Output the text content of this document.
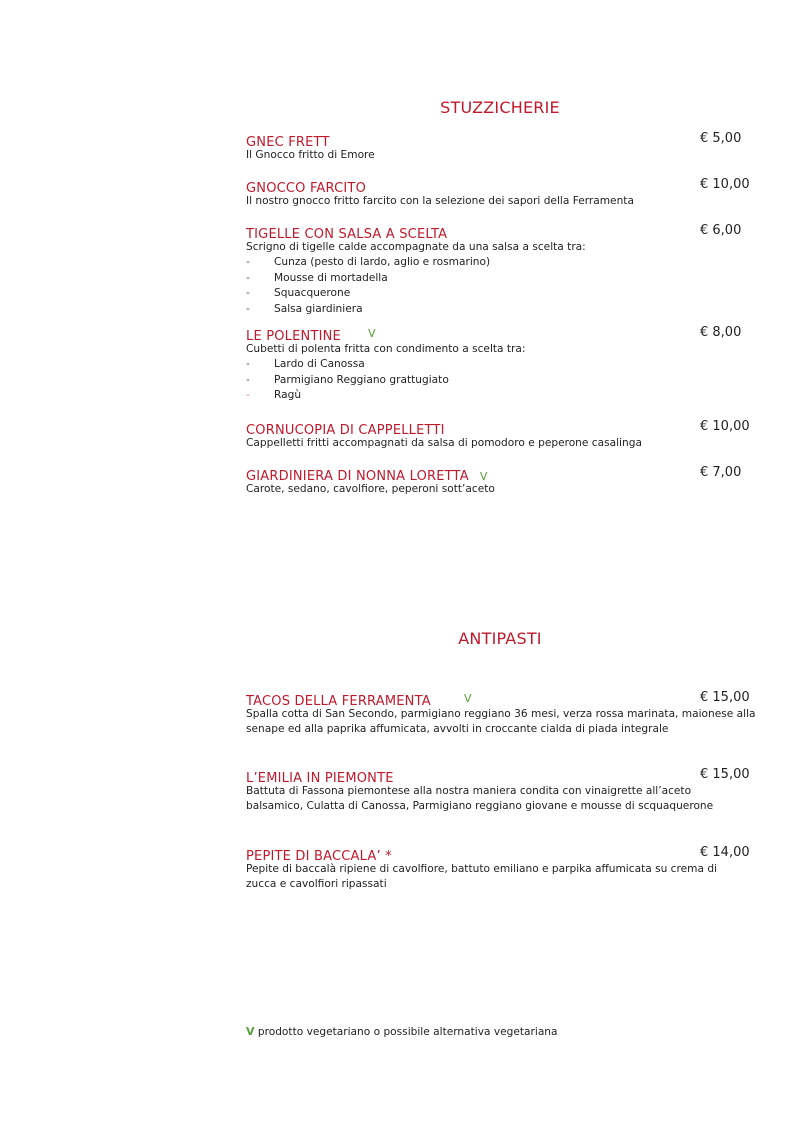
STUZZICHERIE
GNEC FRETT	€ 5,00
Il Gnocco fritto di Emore
GNOCCO FARCITO	€ 10,00
Il nostro gnocco fritto farcito con la selezione dei sapori della Ferramenta
TIGELLE CON SALSA A SCELTA	€ 6,00
Scrigno di tigelle calde accompagnate da una salsa a scelta tra:
- Cunza (pesto di lardo, aglio e rosmarino)
- Mousse di mortadella
- Squacquerone
- Salsa giardiniera
LE POLENTINE V	€ 8,00
Cubetti di polenta fritta con condimento a scelta tra:
- Lardo di Canossa
- Parmigiano Reggiano grattugiato
- Ragù
CORNUCOPIA DI CAPPELLETTI	€ 10,00
Cappelletti fritti accompagnati da salsa di pomodoro e peperone casalinga
GIARDINIERA DI NONNA LORETTA V	€ 7,00
Carote, sedano, cavolfiore, peperoni sott’aceto
ANTIPASTI
TACOS DELLA FERRAMENTA	V	€ 15,00
Spalla cotta di San Secondo, parmigiano reggiano 36 mesi, verza rossa marinata, maionese alla senape ed alla paprika affumicata, avvolti in croccante cialda di piada integrale
L’EMILIA IN PIEMONTE	€ 15,00
Battuta di Fassona piemontese alla nostra maniera condita con vinaigrette all’aceto balsamico, Culatta di Canossa, Parmigiano reggiano giovane e mousse di scquaquerone
PEPITE DI BACCALA’ *	€ 14,00
Pepite di baccalà ripiene di cavolfiore, battuto emiliano e parpika affumicata su crema di zucca e cavolfiori ripassati
V prodotto vegetariano o possibile alternativa vegetariana
